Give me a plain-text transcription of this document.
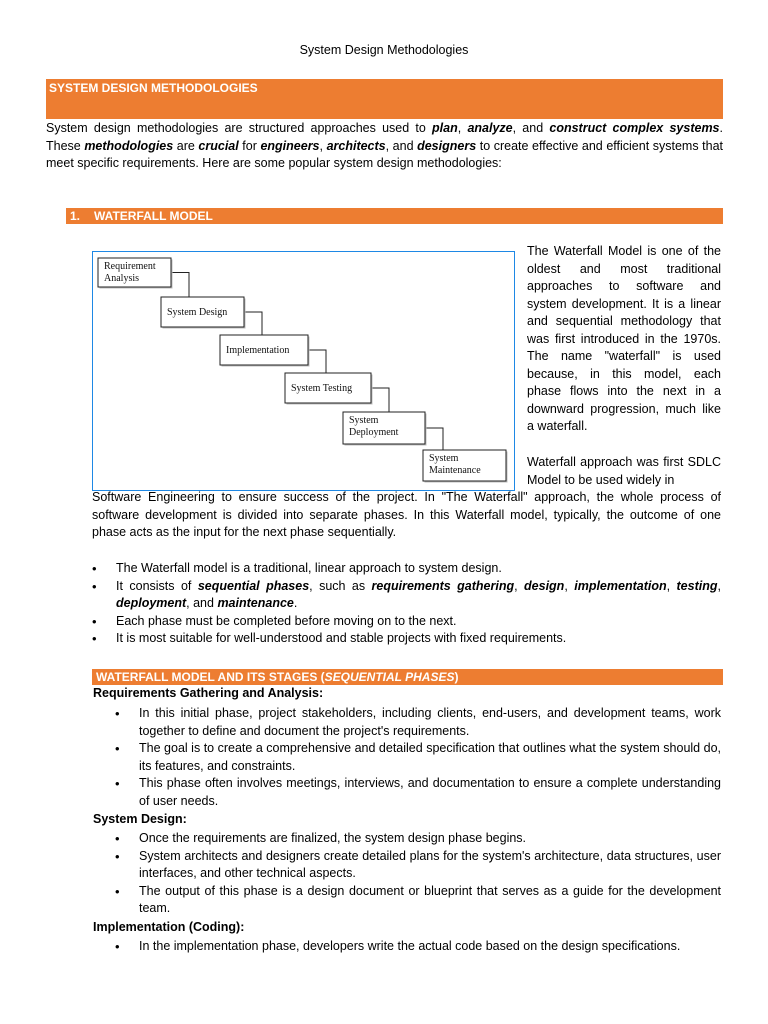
System Design Methodologies
SYSTEM DESIGN METHODOLOGIES
System design methodologies are structured approaches used to plan, analyze, and construct complex systems. These methodologies are crucial for engineers, architects, and designers to create effective and efficient systems that meet specific requirements. Here are some popular system design methodologies:
1. WATERFALL MODEL
Requirement
Analysis
System Design
Implementation
System Testing
System
Deployment
System
Maintenance
The Waterfall Model is one of the oldest and most traditional approaches to software and system development. It is a linear and sequential methodology that was first introduced in the 1970s. The name "waterfall" is used because, in this model, each phase flows into the next in a downward progression, much like a waterfall.
Waterfall approach was first SDLC Model to be used widely in
Software Engineering to ensure success of the project. In "The Waterfall" approach, the whole process of software development is divided into separate phases. In this Waterfall model, typically, the outcome of one phase acts as the input for the next phase sequentially.
• The Waterfall model is a traditional, linear approach to system design.
• It consists of sequential phases, such as requirements gathering, design, implementation, testing, deployment, and maintenance.
• Each phase must be completed before moving on to the next.
• It is most suitable for well-understood and stable projects with fixed requirements.
WATERFALL MODEL AND ITS STAGES (SEQUENTIAL PHASES)
Requirements Gathering and Analysis:
• In this initial phase, project stakeholders, including clients, end-users, and development teams, work together to define and document the project's requirements.
• The goal is to create a comprehensive and detailed specification that outlines what the system should do, its features, and constraints.
• This phase often involves meetings, interviews, and documentation to ensure a complete understanding of user needs.
System Design:
• Once the requirements are finalized, the system design phase begins.
• System architects and designers create detailed plans for the system's architecture, data structures, user interfaces, and other technical aspects.
• The output of this phase is a design document or blueprint that serves as a guide for the development team.
Implementation (Coding):
• In the implementation phase, developers write the actual code based on the design specifications.
